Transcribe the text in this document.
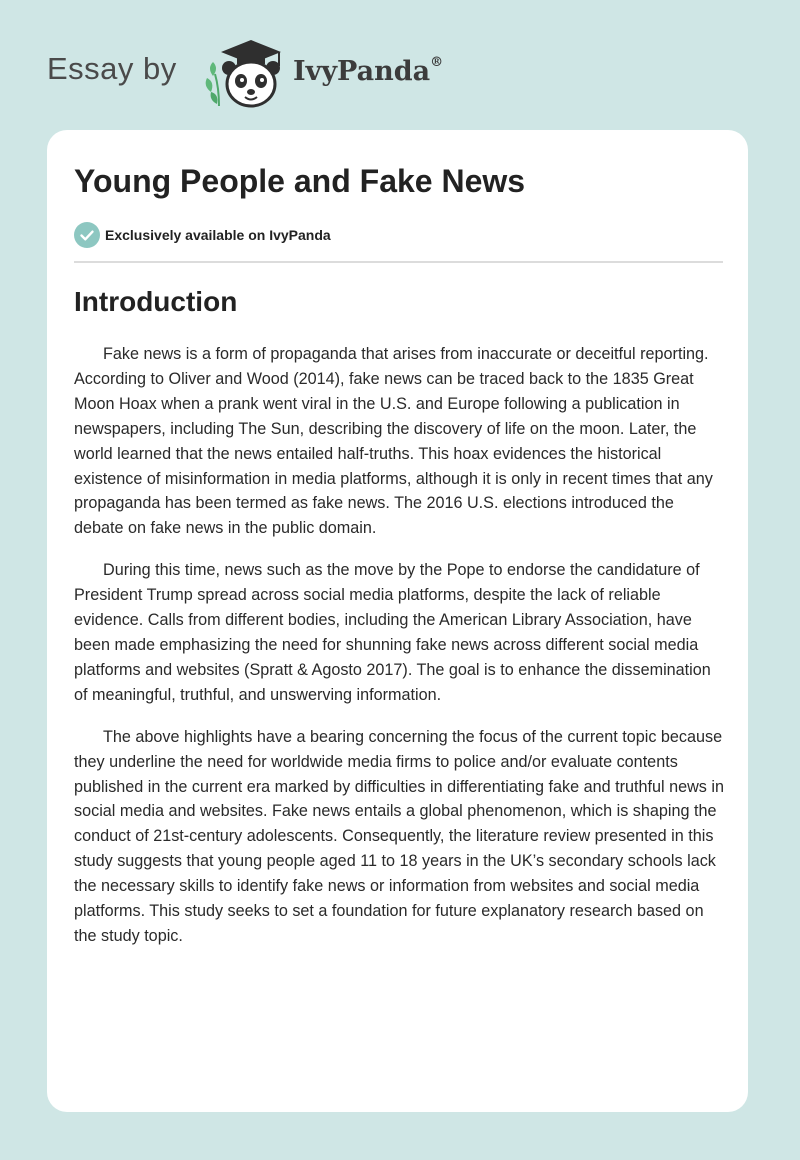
Essay by	IvyPanda®
Young People and Fake News
Exclusively available on IvyPanda
Introduction

Fake news is a form of propaganda that arises from inaccurate or deceitful reporting. According to Oliver and Wood (2014), fake news can be traced back to the 1835 Great Moon Hoax when a prank went viral in the U.S. and Europe following a publication in newspapers, including The Sun, describing the discovery of life on the moon. Later, the world learned that the news entailed half-truths. This hoax evidences the historical existence of misinformation in media platforms, although it is only in recent times that any propaganda has been termed as fake news. The 2016 U.S. elections introduced the debate on fake news in the public domain.

During this time, news such as the move by the Pope to endorse the candidature of President Trump spread across social media platforms, despite the lack of reliable evidence. Calls from different bodies, including the American Library Association, have been made emphasizing the need for shunning fake news across different social media platforms and websites (Spratt & Agosto 2017). The goal is to enhance the dissemination of meaningful, truthful, and unswerving information.

The above highlights have a bearing concerning the focus of the current topic because they underline the need for worldwide media firms to police and/or evaluate contents published in the current era marked by difficulties in differentiating fake and truthful news in social media and websites. Fake news entails a global phenomenon, which is shaping the conduct of 21st-century adolescents. Consequently, the literature review presented in this study suggests that young people aged 11 to 18 years in the UK’s secondary schools lack the necessary skills to identify fake news or information from websites and social media platforms. This study seeks to set a foundation for future explanatory research based on the study topic.
